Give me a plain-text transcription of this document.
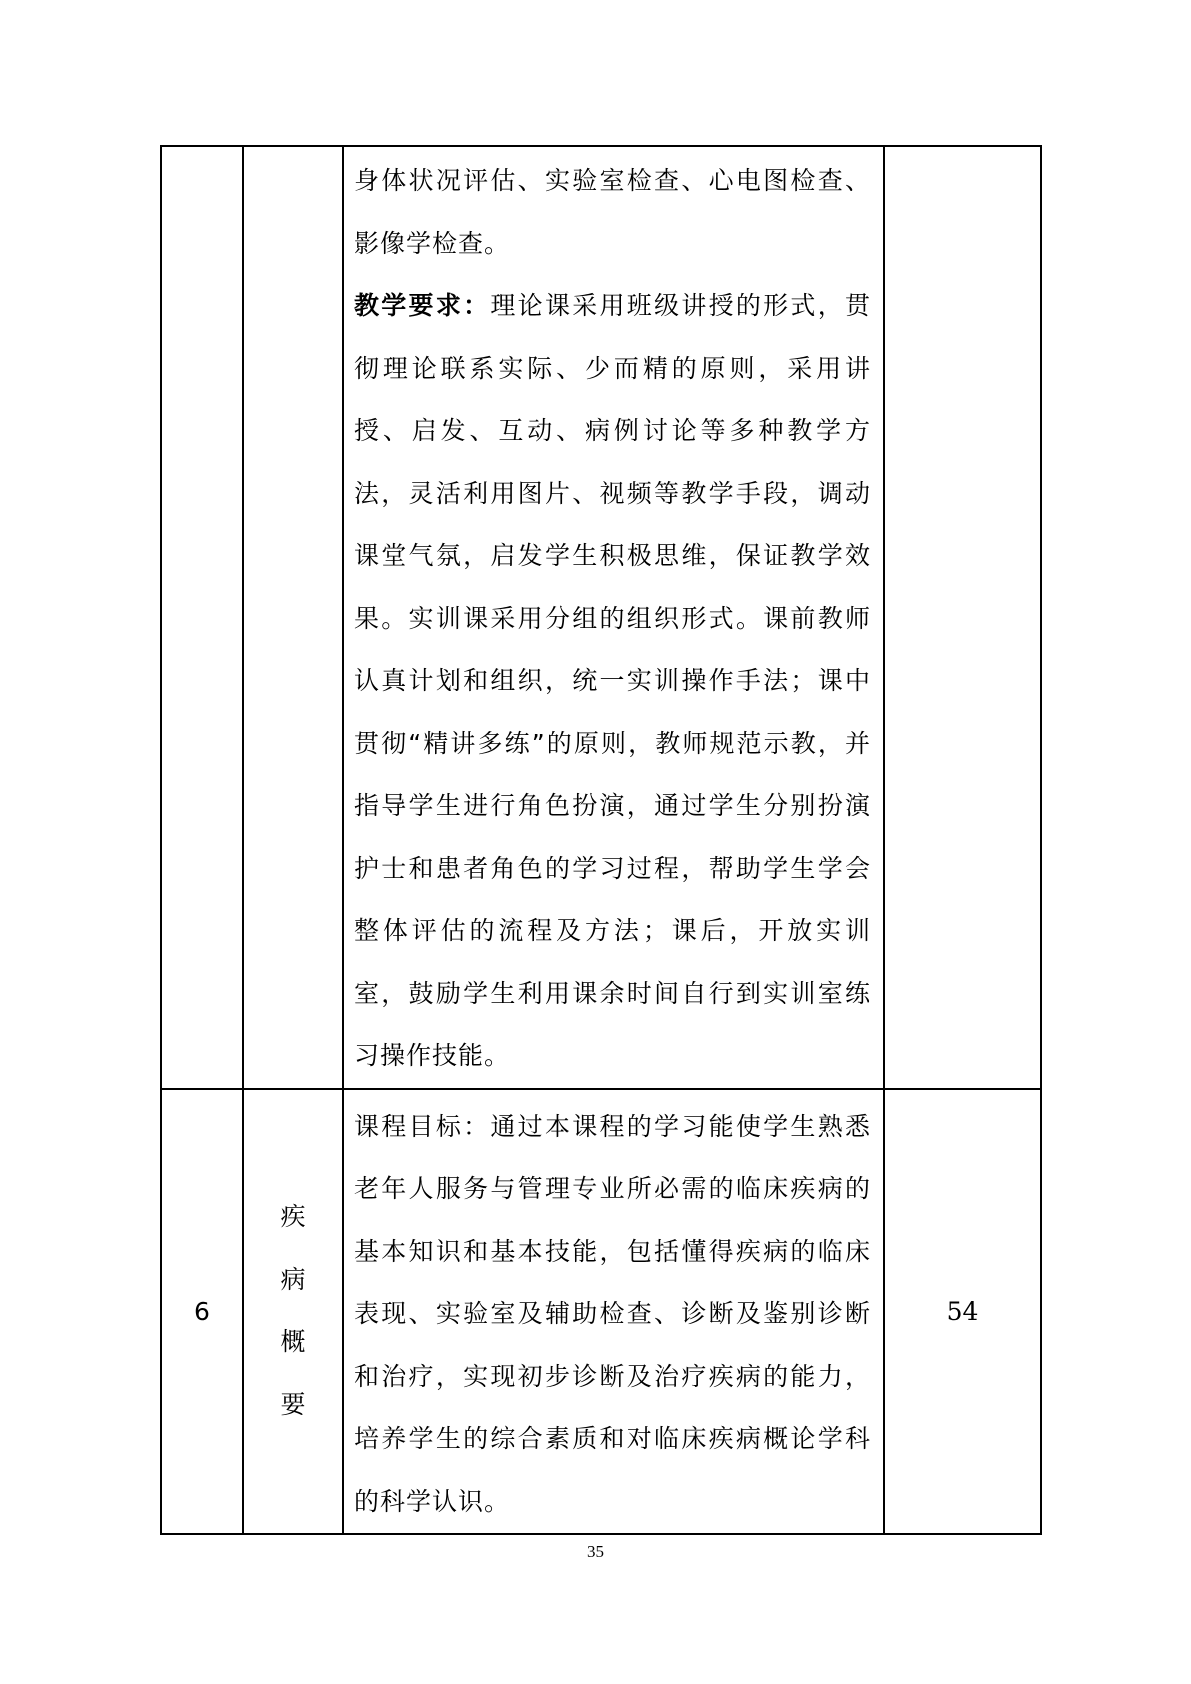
		身体状况评估、实验室检查、心电图检查、影像学检查。

教学要求：理论课采用班级讲授的形式，贯彻理论联系实际、少而精的原则，采用讲授、启发、互动、病例讨论等多种教学方法，灵活利用图片、视频等教学手段，调动课堂气氛，启发学生积极思维，保证教学效果。实训课采用分组的组织形式。课前教师认真计划和组织，统一实训操作手法；课中贯彻“精讲多练”的原则，教师规范示教，并指导学生进行角色扮演，通过学生分别扮演护士和患者角色的学习过程，帮助学生学会整体评估的流程及方法；课后，开放实训室，鼓励学生利用课余时间自行到实训室练习操作技能。	

6	疾病概要	课程目标：通过本课程的学习能使学生熟悉老年人服务与管理专业所必需的临床疾病的基本知识和基本技能，包括懂得疾病的临床表现、实验室及辅助检查、诊断及鉴别诊断和治疗，实现初步诊断及治疗疾病的能力，培养学生的综合素质和对临床疾病概论学科的科学认识。	54
35
